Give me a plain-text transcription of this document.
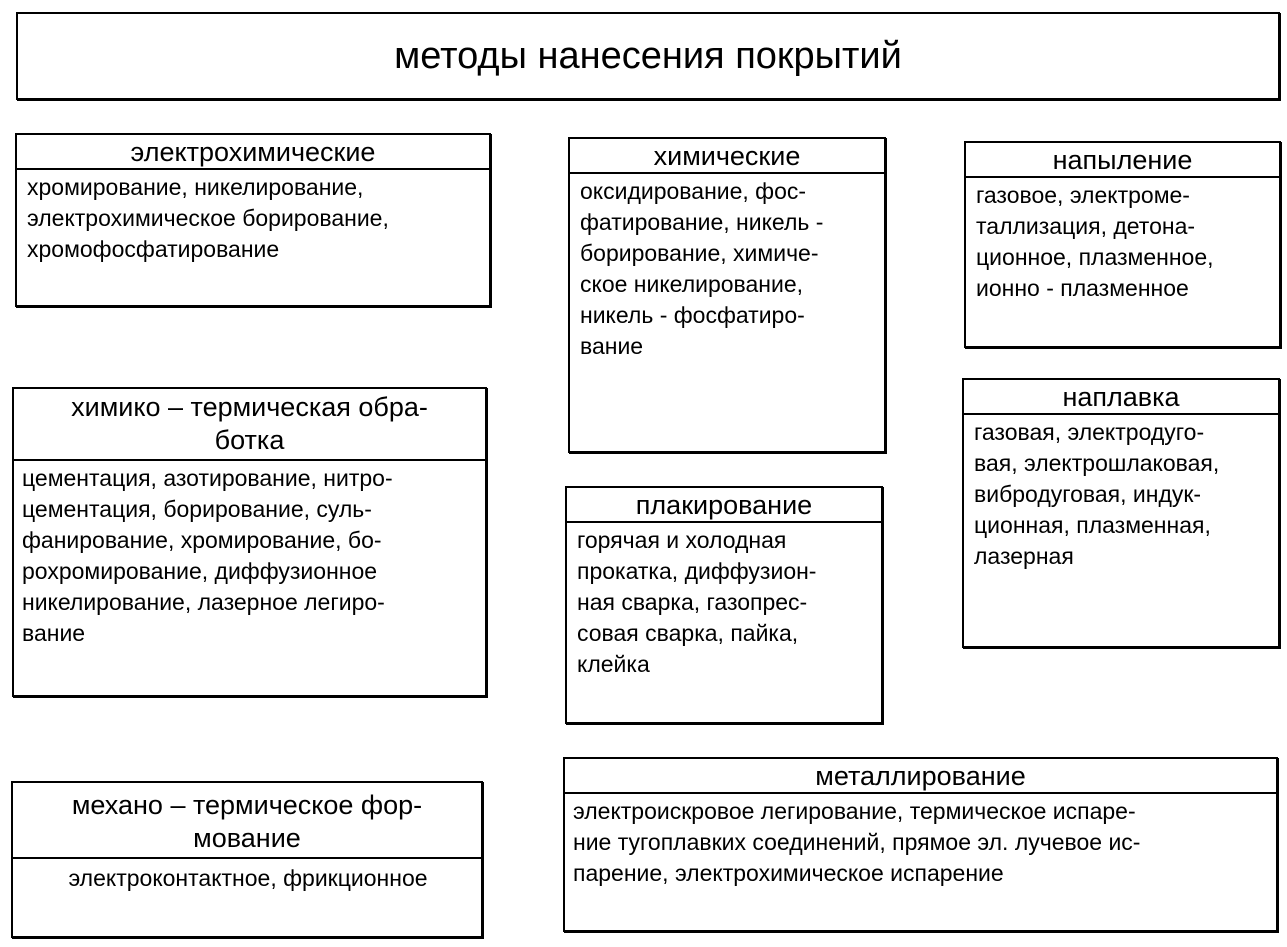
методы нанесения покрытий
электрохимические
хромирование, никелирование,
электрохимическое борирование,
хромофосфатирование
химические
оксидирование, фос-
фатирование, никель -
борирование, химиче-
ское никелирование,
никель - фосфатиро-
вание
напыление
газовое, электроме-
таллизация, детона-
ционное, плазменное,
ионно - плазменное
химико – термическая обра-
ботка
цементация, азотирование, нитро-
цементация, борирование, суль-
фанирование, хромирование, бо-
рохромирование, диффузионное
никелирование, лазерное легиро-
вание
плакирование
горячая и холодная
прокатка, диффузион-
ная сварка, газопрес-
совая сварка, пайка,
клейка
наплавка
газовая, электродуго-
вая, электрошлаковая,
вибродуговая, индук-
ционная, плазменная,
лазерная
механо – термическое фор-
мование
электроконтактное, фрикционное
металлирование
электроискровое легирование, термическое испаре-
ние тугоплавких соединений, прямое эл. лучевое ис-
парение, электрохимическое испарение
